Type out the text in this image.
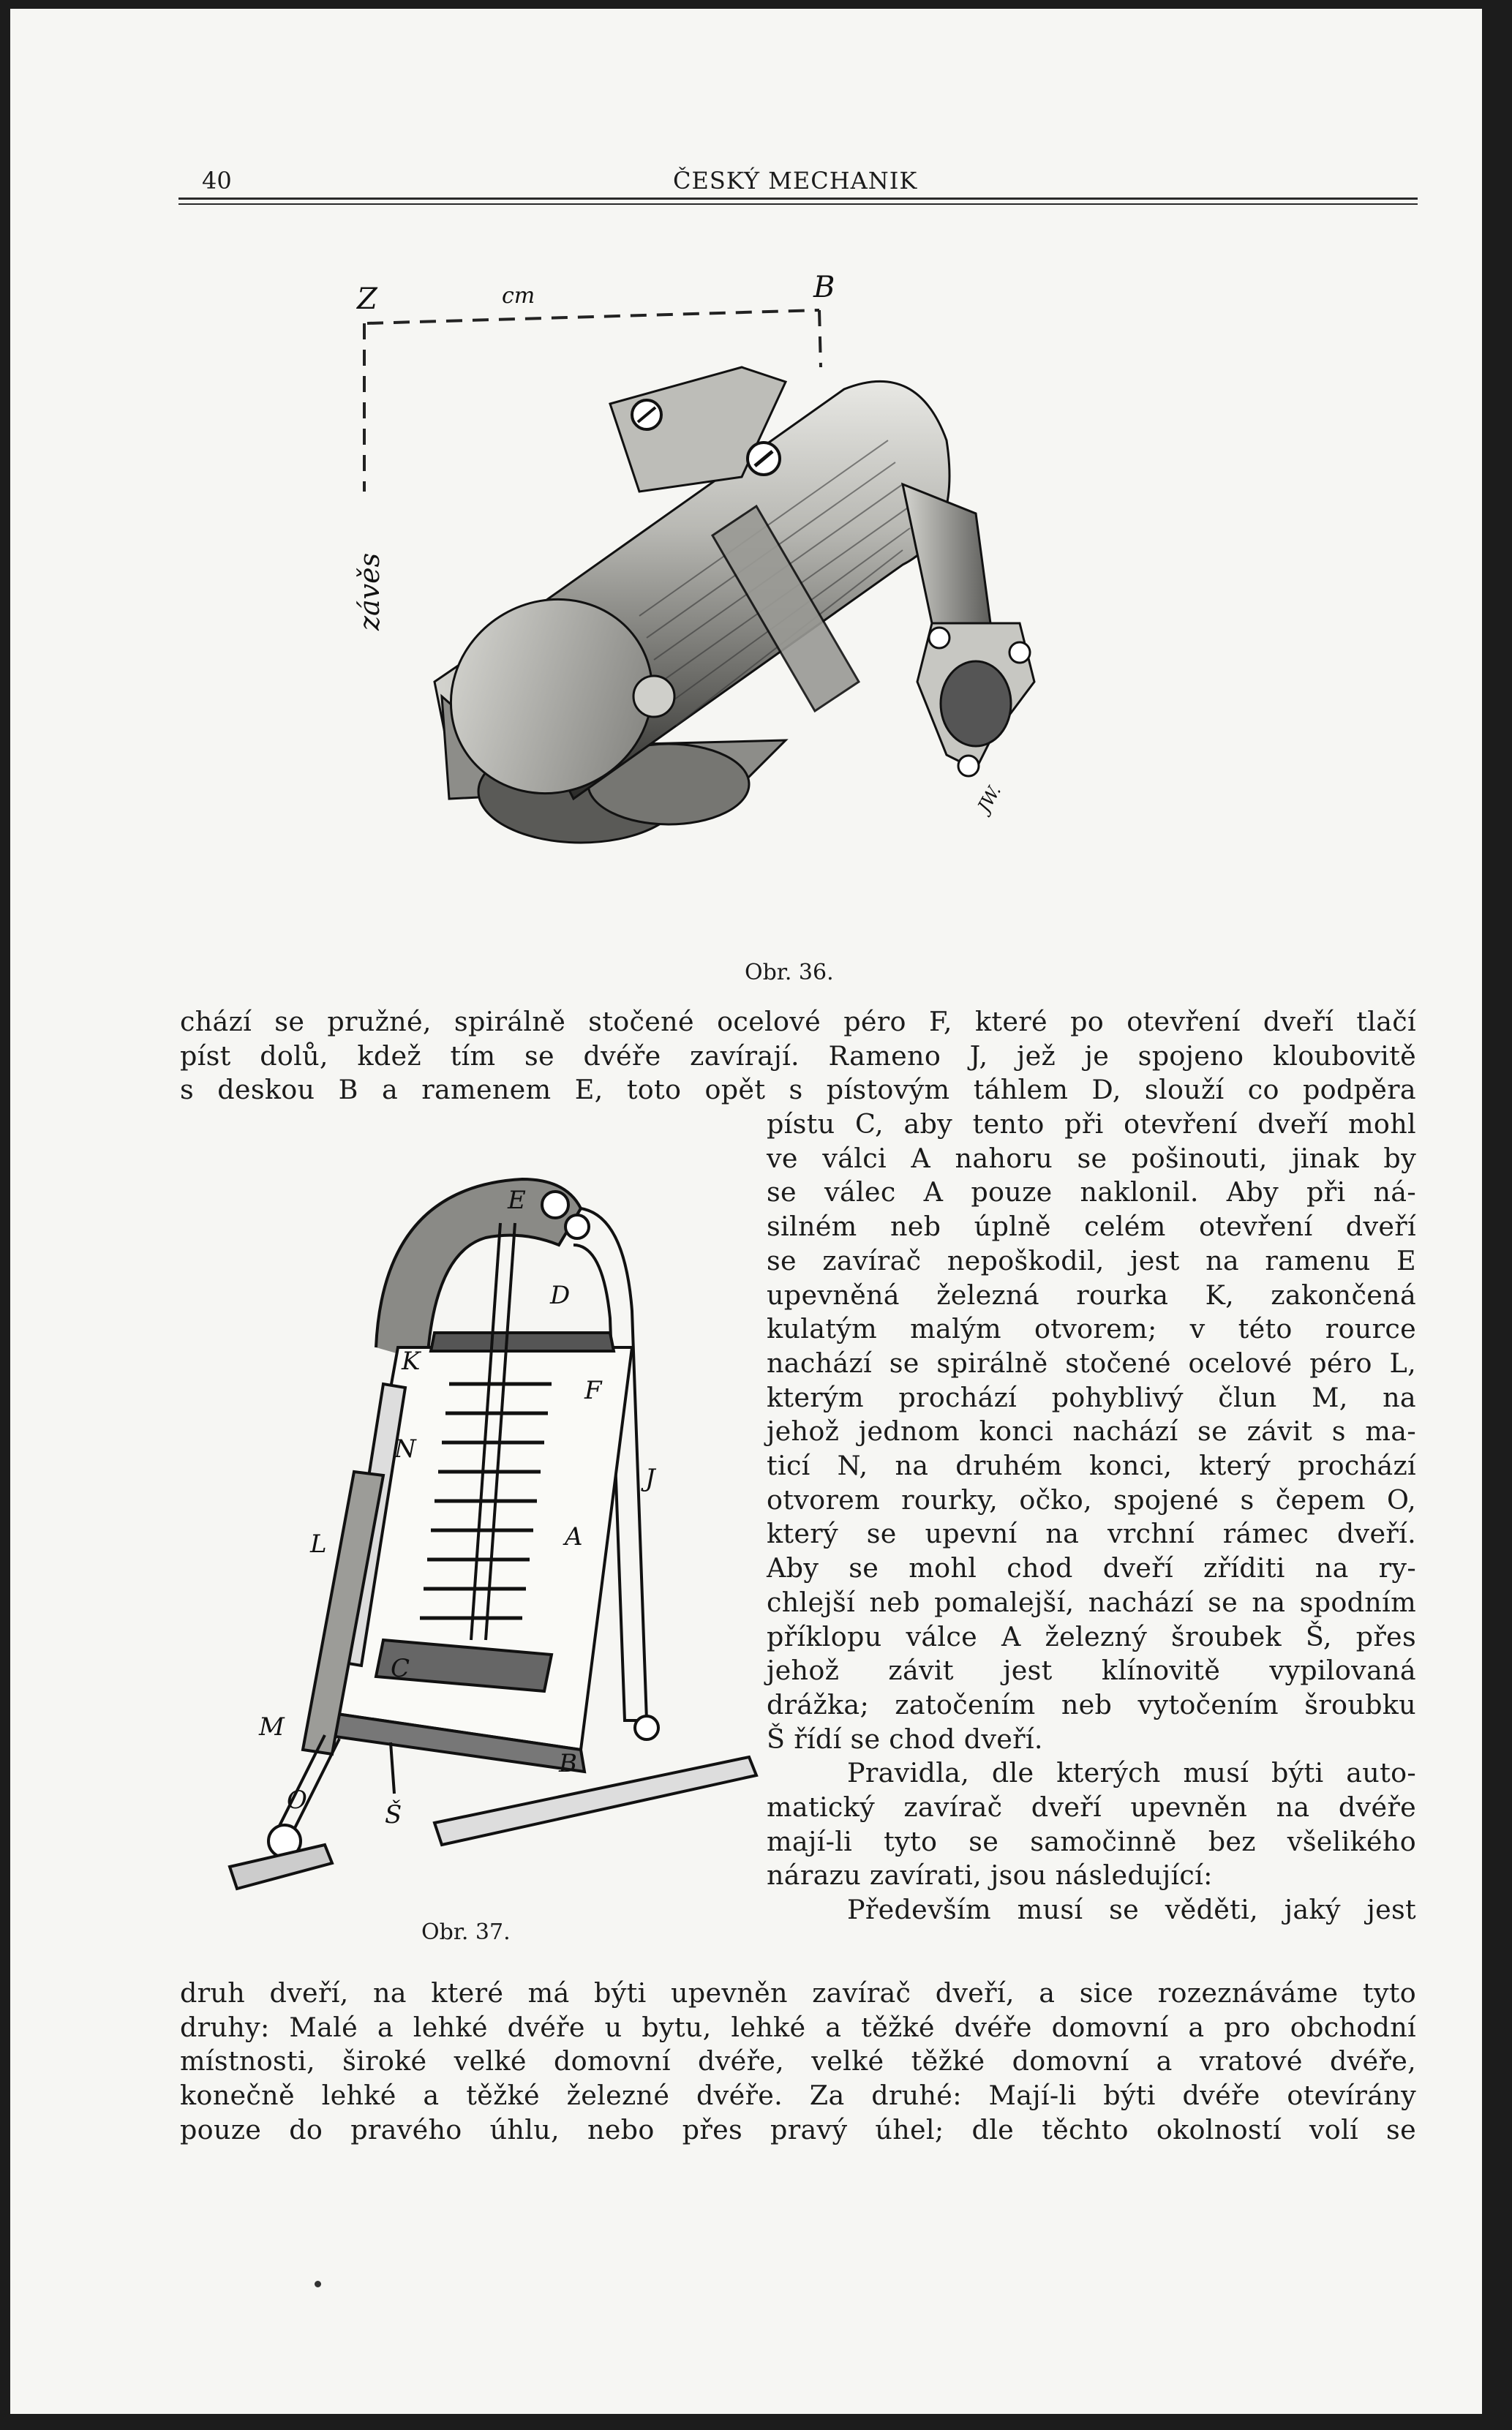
40	ČESKÝ MECHANIK
Z	cm	B
závěs
JW.
Obr. 36.
E
D
K
N
F
L
J
A
C
M
O	Š
B
Obr. 37.
chází se pružné, spirálně stočené ocelové péro F, které po otevření dveří tlačí
píst dolů, kdež tím se dvéře zavírají. Rameno J, jež je spojeno kloubovitě
s deskou B a ramenem E, toto opět s pístovým táhlem D, slouží co podpěra
pístu C, aby tento při otevření dveří mohl
ve válci A nahoru se pošinouti, jinak by
se válec A pouze naklonil. Aby při ná-
silném neb úplně celém otevření dveří
se zavírač nepoškodil, jest na ramenu E
upevněná železná rourka K, zakončená
kulatým malým otvorem; v této rource
nachází se spirálně stočené ocelové péro L,
kterým prochází pohyblivý člun M, na
jehož jednom konci nachází se závit s ma-
ticí N, na druhém konci, který prochází
otvorem rourky, očko, spojené s čepem O,
který se upevní na vrchní rámec dveří.
Aby se mohl chod dveří zříditi na ry-
chlejší neb pomalejší, nachází se na spodním
příklopu válce A železný šroubek Š, přes
jehož závit jest klínovitě vypilovaná
drážka; zatočením neb vytočením šroubku
Š řídí se chod dveří.
Pravidla, dle kterých musí býti auto-
matický zavírač dveří upevněn na dvéře
mají-li tyto se samočinně bez všelikého
nárazu zavírati, jsou následující:
Především musí se věděti, jaký jest
druh dveří, na které má býti upevněn zavírač dveří, a sice rozeznáváme tyto
druhy: Malé a lehké dvéře u bytu, lehké a těžké dvéře domovní a pro obchodní
místnosti, široké velké domovní dvéře, velké těžké domovní a vratové dvéře,
konečně lehké a těžké železné dvéře. Za druhé: Mají-li býti dvéře otevírány
pouze do pravého úhlu, nebo přes pravý úhel; dle těchto okolností volí se
